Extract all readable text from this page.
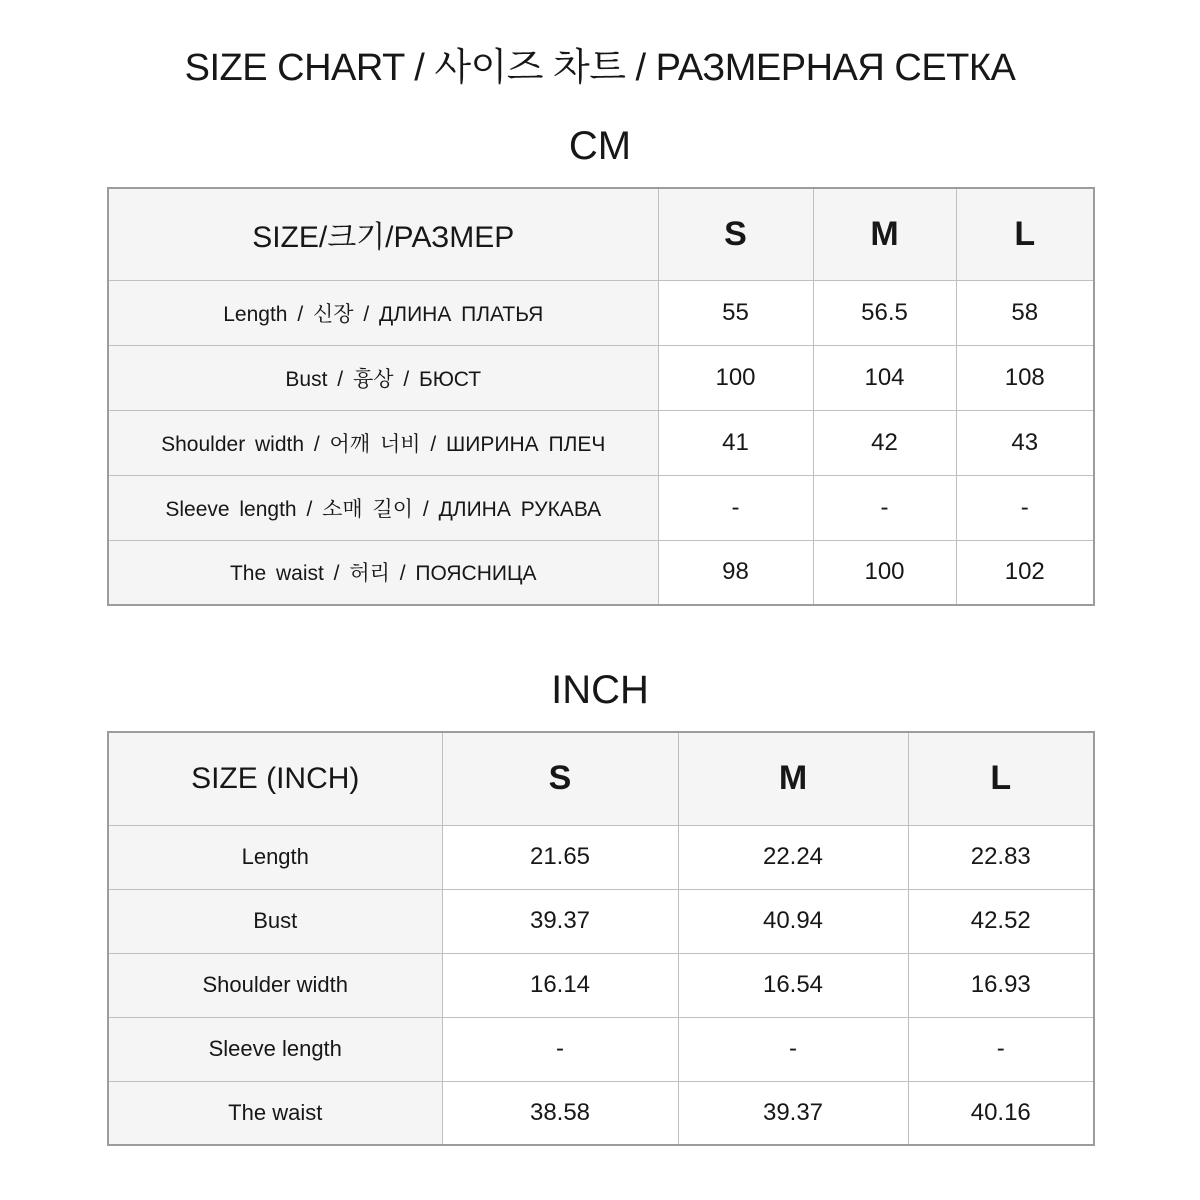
SIZE CHART / 사이즈 차트 / РАЗМЕРНАЯ СЕТКА
CM
SIZE/크기/РАЗМЕР	S	M	L
Length / 신장 / ДЛИНА ПЛАТЬЯ	55	56.5	58
Bust / 흉상 / БЮСТ	100	104	108
Shoulder width / 어깨 너비 / ШИРИНА ПЛЕЧ	41	42	43
Sleeve length / 소매 길이 / ДЛИНА РУКАВА	-	-	-
The waist / 허리 / ПОЯСНИЦА	98	100	102
INCH
SIZE (INCH)	S	M	L
Length	21.65	22.24	22.83
Bust	39.37	40.94	42.52
Shoulder width	16.14	16.54	16.93
Sleeve length	-	-	-
The waist	38.58	39.37	40.16
